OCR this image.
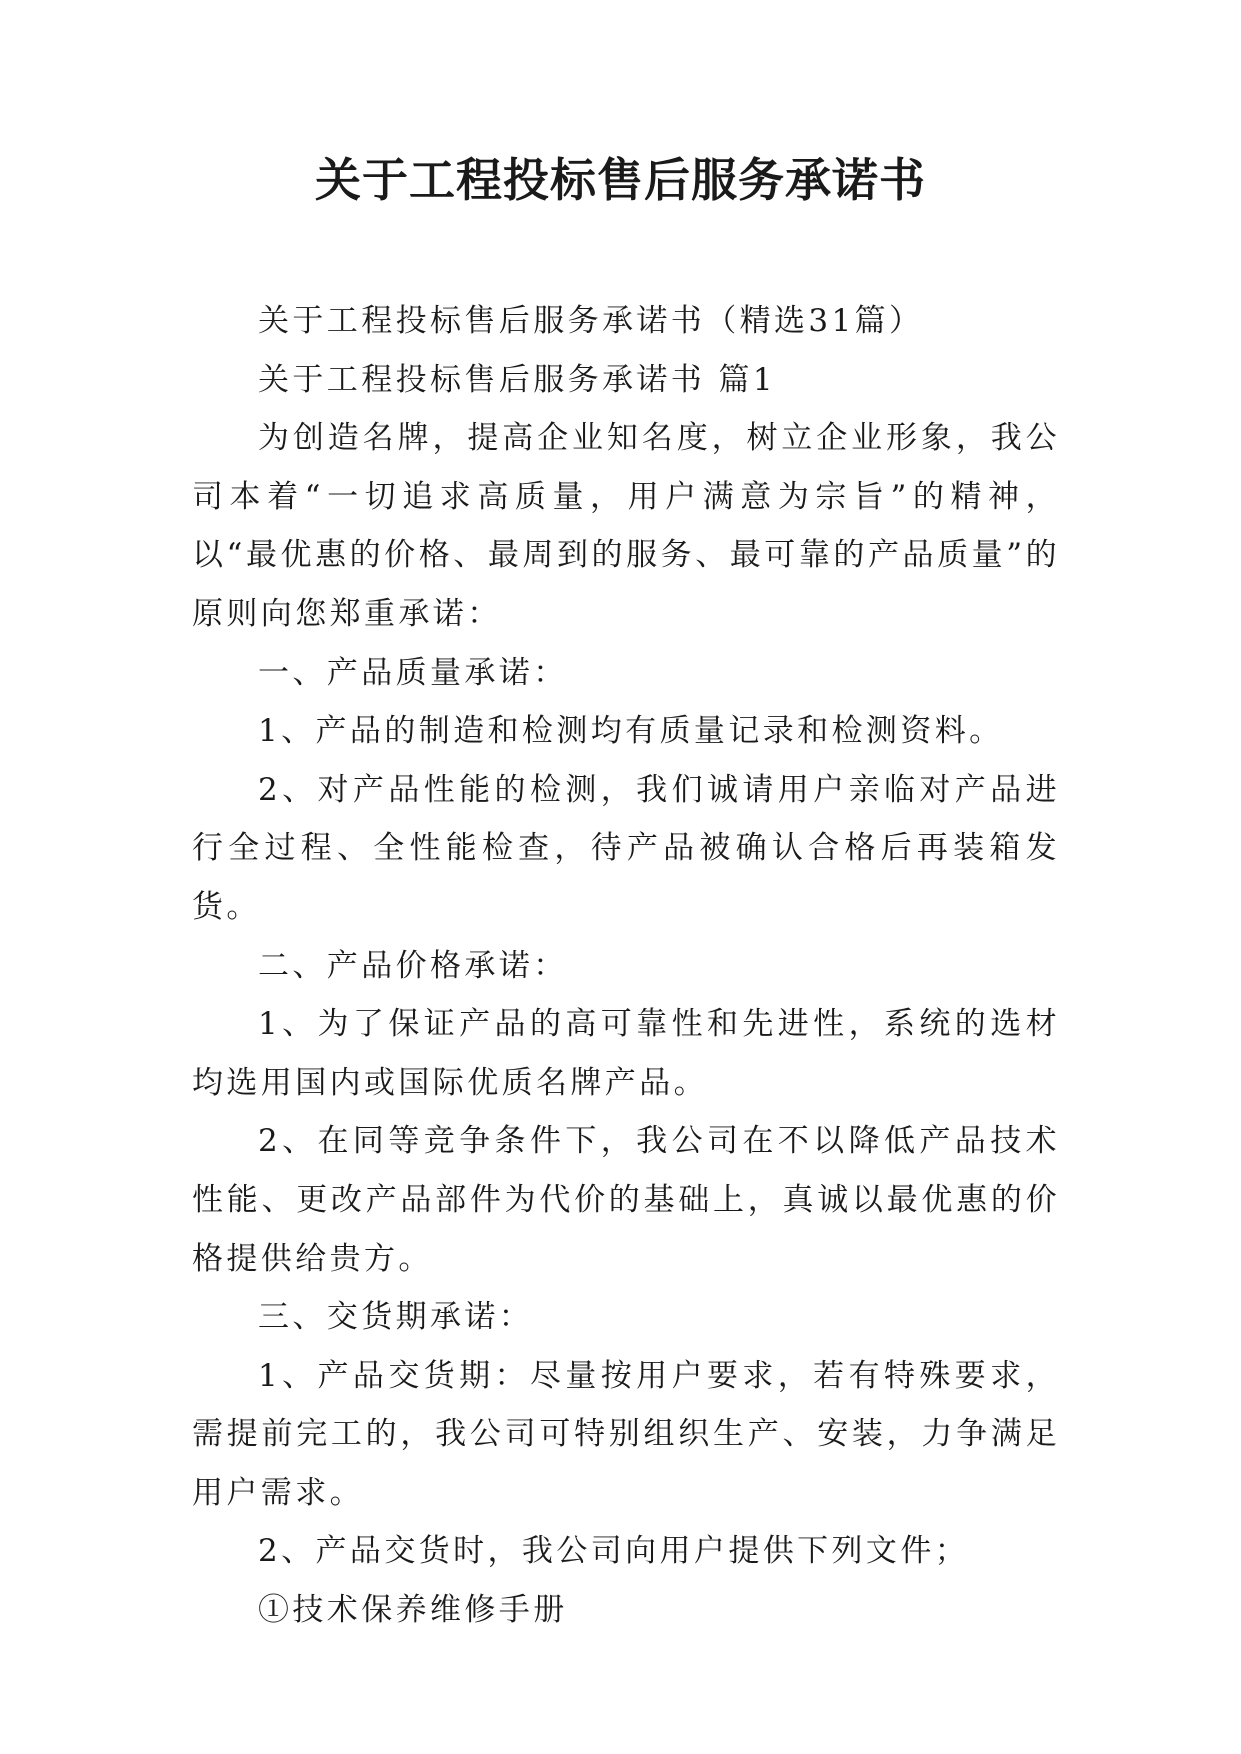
关于工程投标售后服务承诺书

关于工程投标售后服务承诺书（精选31篇）

关于工程投标售后服务承诺书 篇1

为创造名牌，提高企业知名度，树立企业形象，我公司本着“一切追求高质量，用户满意为宗旨”的精神，以“最优惠的价格、最周到的服务、最可靠的产品质量”的原则向您郑重承诺：

一、产品质量承诺：

1、产品的制造和检测均有质量记录和检测资料。

2、对产品性能的检测，我们诚请用户亲临对产品进行全过程、全性能检查，待产品被确认合格后再装箱发货。

二、产品价格承诺：

1、为了保证产品的高可靠性和先进性，系统的选材均选用国内或国际优质名牌产品。

2、在同等竞争条件下，我公司在不以降低产品技术性能、更改产品部件为代价的基础上，真诚以最优惠的价格提供给贵方。

三、交货期承诺：

1、产品交货期：尽量按用户要求，若有特殊要求，需提前完工的，我公司可特别组织生产、安装，力争满足用户需求。

2、产品交货时，我公司向用户提供下列文件；

①技术保养维修手册
